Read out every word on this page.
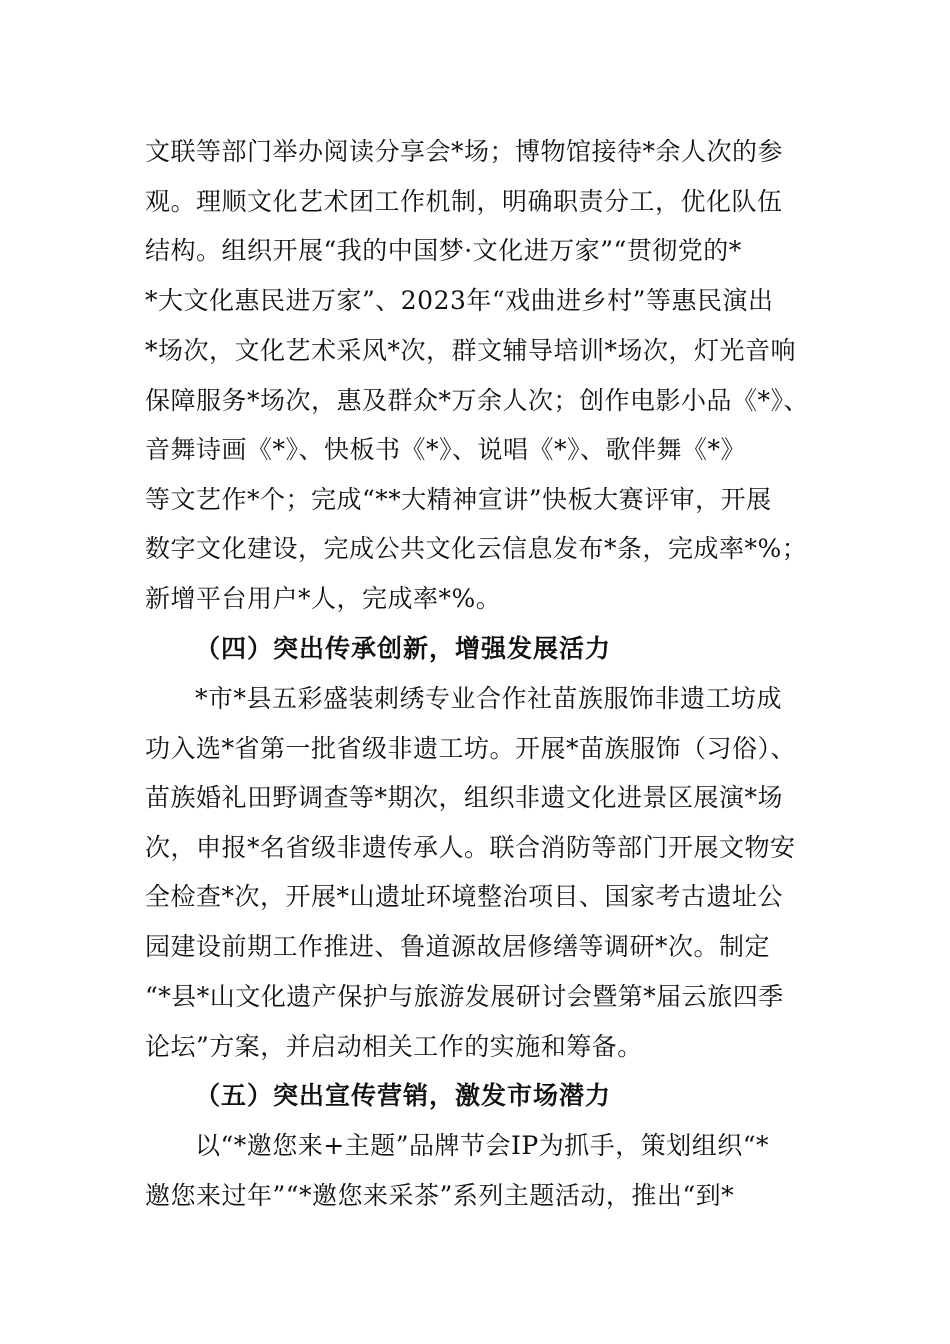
文联等部门举办阅读分享会*场；博物馆接待*余人次的参
观。理顺文化艺术团工作机制，明确职责分工，优化队伍
结构。组织开展“我的中国梦·文化进万家”“贯彻党的*
*大文化惠民进万家”、2023年“戏曲进乡村”等惠民演出
*场次，文化艺术采风*次，群文辅导培训*场次，灯光音响
保障服务*场次，惠及群众*万余人次；创作电影小品《*》、
音舞诗画《*》、快板书《*》、说唱《*》、歌伴舞《*》
等文艺作*个；完成“**大精神宣讲”快板大赛评审，开展
数字文化建设，完成公共文化云信息发布*条，完成率*%；
新增平台用户*人，完成率*%。
（四）突出传承创新，增强发展活力
*市*县五彩盛装刺绣专业合作社苗族服饰非遗工坊成
功入选*省第一批省级非遗工坊。开展*苗族服饰（习俗）、
苗族婚礼田野调查等*期次，组织非遗文化进景区展演*场
次，申报*名省级非遗传承人。联合消防等部门开展文物安
全检查*次，开展*山遗址环境整治项目、国家考古遗址公
园建设前期工作推进、鲁道源故居修缮等调研*次。制定
“*县*山文化遗产保护与旅游发展研讨会暨第*届云旅四季
论坛”方案，并启动相关工作的实施和筹备。
（五）突出宣传营销，激发市场潜力
以“*邀您来+主题”品牌节会IP为抓手，策划组织“*
邀您来过年”“*邀您来采茶”系列主题活动，推出“到*
